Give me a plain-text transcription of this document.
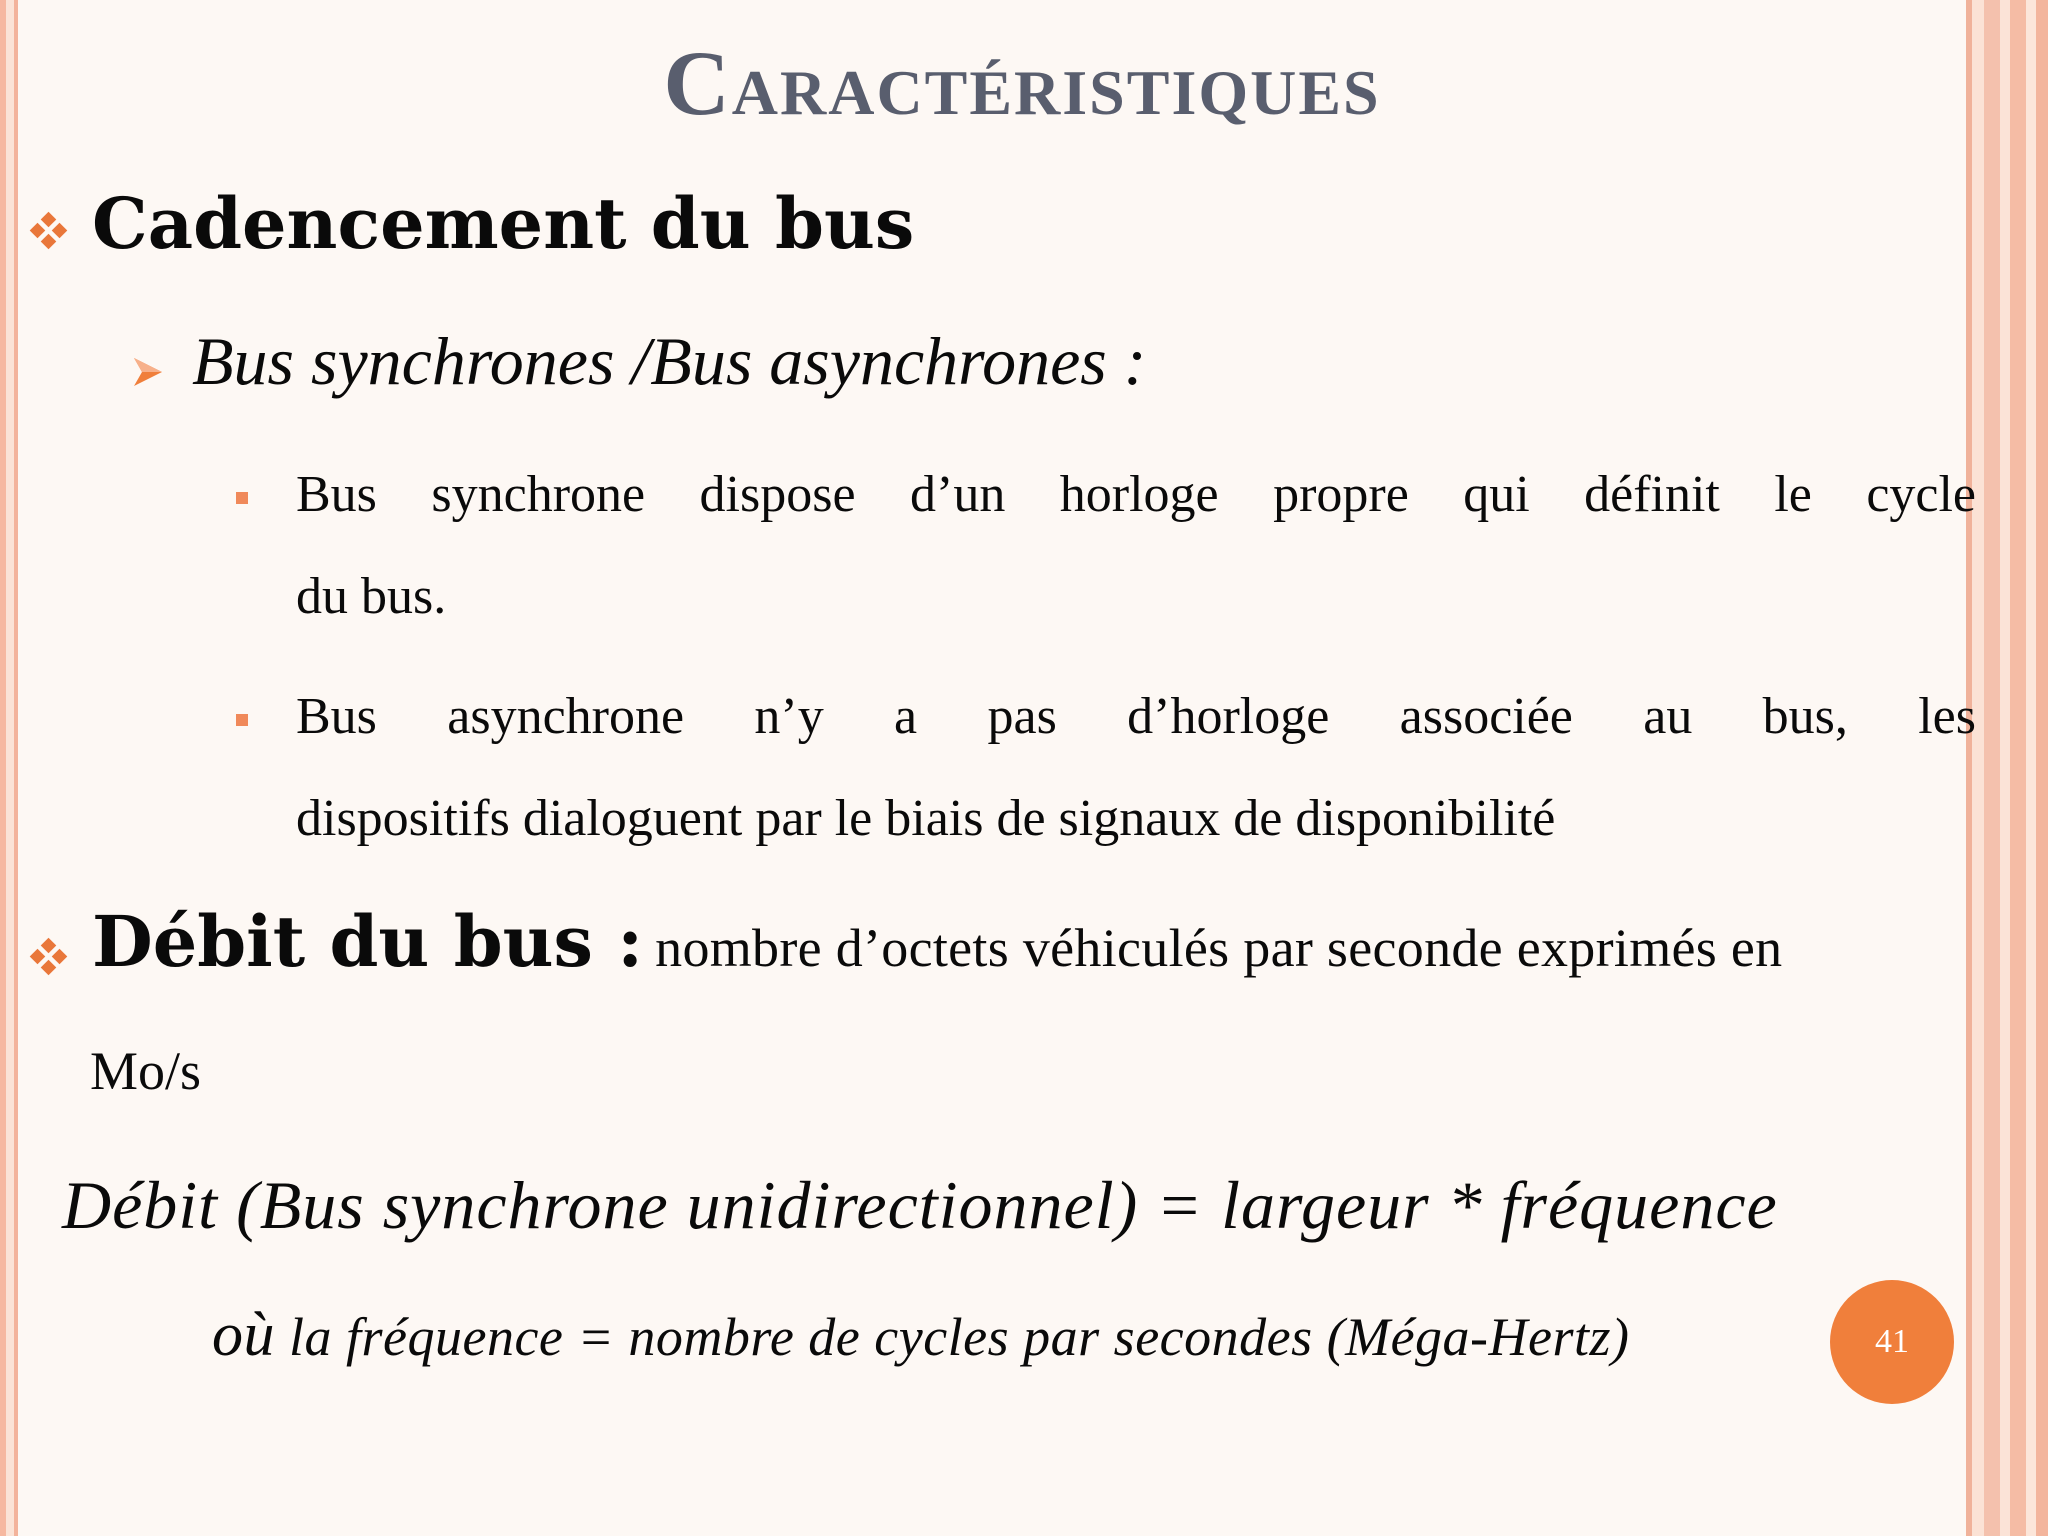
Caractéristiques
Cadencement du bus
Bus synchrones /Bus asynchrones :
Bus synchrone dispose d’un horloge propre qui définit le cycle
du bus.
Bus asynchrone n’y a pas d’horloge associée au bus, les
dispositifs dialoguent par le biais de signaux de disponibilité
Débit du bus : nombre d’octets véhiculés par seconde exprimés en
Mo/s
Débit (Bus synchrone unidirectionnel) = largeur * fréquence
où la fréquence = nombre de cycles par secondes (Méga-Hertz)	41
